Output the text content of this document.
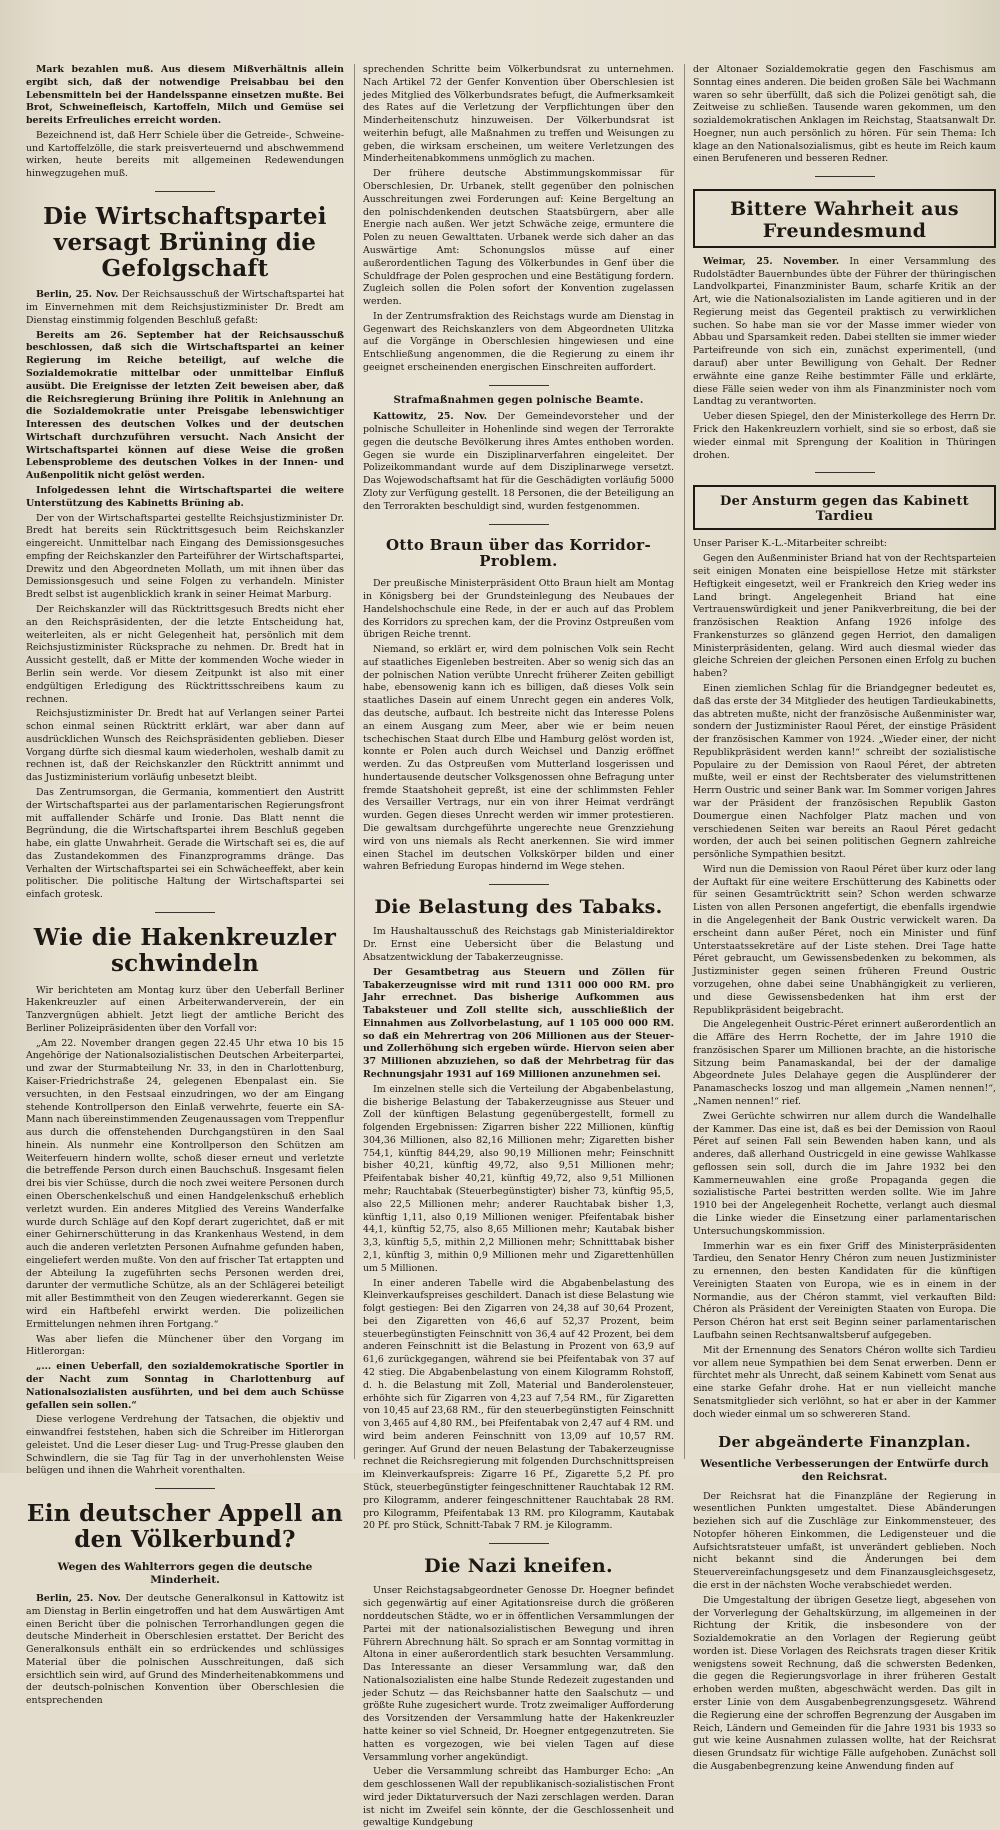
Mark bezahlen muß. Aus diesem Mißverhältnis allein ergibt sich, daß der notwendige Preisabbau bei den Lebensmitteln bei der Handelsspanne einsetzen mußte. Bei Brot, Schweinefleisch, Kartoffeln, Milch und Gemüse sei bereits Erfreuliches erreicht worden.

Bezeichnend ist, daß Herr Schiele über die Getreide-, Schweine- und Kartoffelzölle, die stark preisverteuernd und abschwemmend wirken, heute bereits mit allgemeinen Redewendungen hinwegzugehen muß.

Die Wirtschaftspartei versagt Brüning die Gefolgschaft

Berlin, 25. Nov. Der Reichsausschuß der Wirtschaftspartei hat im Einvernehmen mit dem Reichsjustizminister Dr. Bredt am Dienstag einstimmig folgenden Beschluß gefaßt:

Bereits am 26. September hat der Reichsausschuß beschlossen, daß sich die Wirtschaftspartei an keiner Regierung im Reiche beteiligt, auf welche die Sozialdemokratie mittelbar oder unmittelbar Einfluß ausübt. Die Ereignisse der letzten Zeit beweisen aber, daß die Reichsregierung Brüning ihre Politik in Anlehnung an die Sozialdemokratie unter Preisgabe lebenswichtiger Interessen des deutschen Volkes und der deutschen Wirtschaft durchzuführen versucht. Nach Ansicht der Wirtschaftspartei können auf diese Weise die großen Lebensprobleme des deutschen Volkes in der Innen- und Außenpolitik nicht gelöst werden.

Infolgedessen lehnt die Wirtschaftspartei die weitere Unterstützung des Kabinetts Brüning ab.

Der von der Wirtschaftspartei gestellte Reichsjustizminister Dr. Bredt hat bereits sein Rücktrittsgesuch beim Reichskanzler eingereicht. Unmittelbar nach Eingang des Demissionsgesuches empfing der Reichskanzler den Parteiführer der Wirtschaftspartei, Drewitz und den Abgeordneten Mollath, um mit ihnen über das Demissionsgesuch und seine Folgen zu verhandeln. Minister Bredt selbst ist augenblicklich krank in seiner Heimat Marburg.

Der Reichskanzler will das Rücktrittsgesuch Bredts nicht eher an den Reichspräsidenten, der die letzte Entscheidung hat, weiterleiten, als er nicht Gelegenheit hat, persönlich mit dem Reichsjustizminister Rücksprache zu nehmen. Dr. Bredt hat in Aussicht gestellt, daß er Mitte der kommenden Woche wieder in Berlin sein werde. Vor diesem Zeitpunkt ist also mit einer endgültigen Erledigung des Rücktrittsschreibens kaum zu rechnen.

Reichsjustizminister Dr. Bredt hat auf Verlangen seiner Partei schon einmal seinen Rücktritt erklärt, war aber dann auf ausdrücklichen Wunsch des Reichspräsidenten geblieben. Dieser Vorgang dürfte sich diesmal kaum wiederholen, weshalb damit zu rechnen ist, daß der Reichskanzler den Rücktritt annimmt und das Justizministerium vorläufig unbesetzt bleibt.

Das Zentrumsorgan, die Germania, kommentiert den Austritt der Wirtschaftspartei aus der parlamentarischen Regierungsfront mit auffallender Schärfe und Ironie. Das Blatt nennt die Begründung, die die Wirtschaftspartei ihrem Beschluß gegeben habe, ein glatte Unwahrheit. Gerade die Wirtschaft sei es, die auf das Zustandekommen des Finanzprogramms dränge. Das Verhalten der Wirtschaftspartei sei ein Schwächeeffekt, aber kein politischer. Die politische Haltung der Wirtschaftspartei sei einfach grotesk.

Wie die Hakenkreuzler schwindeln

Wir berichteten am Montag kurz über den Ueberfall Berliner Hakenkreuzler auf einen Arbeiterwanderverein, der ein Tanzvergnügen abhielt. Jetzt liegt der amtliche Bericht des Berliner Polizeipräsidenten über den Vorfall vor:

„Am 22. November drangen gegen 22.45 Uhr etwa 10 bis 15 Angehörige der Nationalsozialistischen Deutschen Arbeiterpartei, und zwar der Sturmabteilung Nr. 33, in den in Charlottenburg, Kaiser-Friedrichstraße 24, gelegenen Ebenpalast ein. Sie versuchten, in den Festsaal einzudringen, wo der am Eingang stehende Kontrollperson den Einlaß verwehrte, feuerte ein SA-Mann nach übereinstimmenden Zeugenaussagen vom Treppenflur aus durch die offenstehenden Durchgangstüren in den Saal hinein. Als nunmehr eine Kontrollperson den Schützen am Weiterfeuern hindern wollte, schoß dieser erneut und verletzte die betreffende Person durch einen Bauchschuß. Insgesamt fielen drei bis vier Schüsse, durch die noch zwei weitere Personen durch einen Oberschenkelschuß und einen Handgelenkschuß erheblich verletzt wurden. Ein anderes Mitglied des Vereins Wanderfalke wurde durch Schläge auf den Kopf derart zugerichtet, daß er mit einer Gehirnerschütterung in das Krankenhaus Westend, in dem auch die anderen verletzten Personen Aufnahme gefunden haben, eingeliefert werden mußte. Von den auf frischer Tat ertappten und der Abteilung Ia zugeführten sechs Personen werden drei, darunter der vermutliche Schütze, als an der Schlägerei beteiligt mit aller Bestimmtheit von den Zeugen wiedererkannt. Gegen sie wird ein Haftbefehl erwirkt werden. Die polizeilichen Ermittelungen nehmen ihren Fortgang.“

Was aber liefen die Münchener über den Vorgang im Hitlerorgan:

„... einen Ueberfall, den sozialdemokratische Sportler in der Nacht zum Sonntag in Charlottenburg auf Nationalsozialisten ausführten, und bei dem auch Schüsse gefallen sein sollen.“

Diese verlogene Verdrehung der Tatsachen, die objektiv und einwandfrei feststehen, haben sich die Schreiber im Hitlerorgan geleistet. Und die Leser dieser Lug- und Trug-Presse glauben den Schwindlern, die sie Tag für Tag in der unverhohlensten Weise belügen und ihnen die Wahrheit vorenthalten.

Ein deutscher Appell an den Völkerbund?
Wegen des Wahlterrors gegen die deutsche Minderheit.

Berlin, 25. Nov. Der deutsche Generalkonsul in Kattowitz ist am Dienstag in Berlin eingetroffen und hat dem Auswärtigen Amt einen Bericht über die polnischen Terrorhandlungen gegen die deutsche Minderheit in Oberschlesien erstattet. Der Bericht des Generalkonsuls enthält ein so erdrückendes und schlüssiges Material über die polnischen Ausschreitungen, daß sich ersichtlich sein wird, auf Grund des Minderheitenabkommens und der deutsch-polnischen Konvention über Oberschlesien die entsprechenden

sprechenden Schritte beim Völkerbundsrat zu unternehmen. Nach Artikel 72 der Genfer Konvention über Oberschlesien ist jedes Mitglied des Völkerbundsrates befugt, die Aufmerksamkeit des Rates auf die Verletzung der Verpflichtungen über den Minderheitenschutz hinzuweisen. Der Völkerbundsrat ist weiterhin befugt, alle Maßnahmen zu treffen und Weisungen zu geben, die wirksam erscheinen, um weitere Verletzungen des Minderheitenabkommens unmöglich zu machen.

Der frühere deutsche Abstimmungskommissar für Oberschlesien, Dr. Urbanek, stellt gegenüber den polnischen Ausschreitungen zwei Forderungen auf: Keine Bergeltung an den polnischdenkenden deutschen Staatsbürgern, aber alle Energie nach außen. Wer jetzt Schwäche zeige, ermuntere die Polen zu neuen Gewalttaten. Urbanek werde sich daher an das Auswärtige Amt: Schonungslos müsse auf einer außerordentlichen Tagung des Völkerbundes in Genf über die Schuldfrage der Polen gesprochen und eine Bestätigung fordern. Zugleich sollen die Polen sofort der Konvention zugelassen werden.

In der Zentrumsfraktion des Reichstags wurde am Dienstag in Gegenwart des Reichskanzlers von dem Abgeordneten Ulitzka auf die Vorgänge in Oberschlesien hingewiesen und eine Entschließung angenommen, die die Regierung zu einem ihr geeignet erscheinenden energischen Einschreiten auffordert.

Strafmaßnahmen gegen polnische Beamte.

Kattowitz, 25. Nov. Der Gemeindevorsteher und der polnische Schulleiter in Hohenlinde sind wegen der Terrorakte gegen die deutsche Bevölkerung ihres Amtes enthoben worden. Gegen sie wurde ein Disziplinarverfahren eingeleitet. Der Polizeikommandant wurde auf dem Disziplinarwege versetzt. Das Wojewodschaftsamt hat für die Geschädigten vorläufig 5000 Zloty zur Verfügung gestellt. 18 Personen, die der Beteiligung an den Terrorakten beschuldigt sind, wurden festgenommen.

Otto Braun über das Korridor-Problem.

Der preußische Ministerpräsident Otto Braun hielt am Montag in Königsberg bei der Grundsteinlegung des Neubaues der Handelshochschule eine Rede, in der er auch auf das Problem des Korridors zu sprechen kam, der die Provinz Ostpreußen vom übrigen Reiche trennt.

Niemand, so erklärt er, wird dem polnischen Volk sein Recht auf staatliches Eigenleben bestreiten. Aber so wenig sich das an der polnischen Nation verübte Unrecht früherer Zeiten gebilligt habe, ebensowenig kann ich es billigen, daß dieses Volk sein staatliches Dasein auf einem Unrecht gegen ein anderes Volk, das deutsche, aufbaut. Ich bestreite nicht das Interesse Polens an einem Ausgang zum Meer, aber wie er beim neuen tschechischen Staat durch Elbe und Hamburg gelöst worden ist, konnte er Polen auch durch Weichsel und Danzig eröffnet werden. Zu das Ostpreußen vom Mutterland losgerissen und hundertausende deutscher Volksgenossen ohne Befragung unter fremde Staatshoheit gepreßt, ist eine der schlimmsten Fehler des Versailler Vertrags, nur ein von ihrer Heimat verdrängt wurden. Gegen dieses Unrecht werden wir immer protestieren. Die gewaltsam durchgeführte ungerechte neue Grenzziehung wird von uns niemals als Recht anerkennen. Sie wird immer einen Stachel im deutschen Volkskörper bilden und einer wahren Befriedung Europas hindernd im Wege stehen.

Die Belastung des Tabaks.

Im Haushaltausschuß des Reichstags gab Ministerialdirektor Dr. Ernst eine Uebersicht über die Belastung und Absatzentwicklung der Tabakerzeugnisse.

Der Gesamtbetrag aus Steuern und Zöllen für Tabakerzeugnisse wird mit rund 1311 000 000 RM. pro Jahr errechnet. Das bisherige Aufkommen aus Tabaksteuer und Zoll stellte sich, ausschließlich der Einnahmen aus Zollvorbelastung, auf 1 105 000 000 RM. so daß ein Mehrertrag von 206 Millionen aus der Steuer- und Zollerhöhung sich ergeben würde. Hiervon seien aber 37 Millionen abzuziehen, so daß der Mehrbetrag für das Rechnungsjahr 1931 auf 169 Millionen anzunehmen sei.

Im einzelnen stelle sich die Verteilung der Abgabenbelastung, die bisherige Belastung der Tabakerzeugnisse aus Steuer und Zoll der künftigen Belastung gegenübergestellt, formell zu folgenden Ergebnissen: Zigarren bisher 222 Millionen, künftig 304,36 Millionen, also 82,16 Millionen mehr; Zigaretten bisher 754,1, künftig 844,29, also 90,19 Millionen mehr; Feinschnitt bisher 40,21, künftig 49,72, also 9,51 Millionen mehr; Pfeifentabak bisher 40,21, künftig 49,72, also 9,51 Millionen mehr; Rauchtabak (Steuerbegünstigter) bisher 73, künftig 95,5, also 22,5 Millionen mehr; anderer Rauchtabak bisher 1,3, künftig 1,11, also 0,19 Millionen weniger. Pfeifentabak bisher 44,1, künftig 52,75, also 8,65 Millionen mehr; Kautabak bisher 3,3, künftig 5,5, mithin 2,2 Millionen mehr; Schnitttabak bisher 2,1, künftig 3, mithin 0,9 Millionen mehr und Zigarettenhüllen um 5 Millionen.

In einer anderen Tabelle wird die Abgabenbelastung des Kleinverkaufspreises geschildert. Danach ist diese Belastung wie folgt gestiegen: Bei den Zigarren von 24,38 auf 30,64 Prozent, bei den Zigaretten von 46,6 auf 52,37 Prozent, beim steuerbegünstigten Feinschnitt von 36,4 auf 42 Prozent, bei dem anderen Feinschnitt ist die Belastung in Prozent von 63,9 auf 61,6 zurückgegangen, während sie bei Pfeifentabak von 37 auf 42 stieg. Die Abgabenbelastung von einem Kilogramm Rohstoff, d. h. die Belastung mit Zoll, Material und Banderolensteuer, erhöhte sich für Zigarren von 4,23 auf 7,54 RM., für Zigaretten von 10,45 auf 23,68 RM., für den steuerbegünstigten Feinschnitt von 3,465 auf 4,80 RM., bei Pfeifentabak von 2,47 auf 4 RM. und wird beim anderen Feinschnitt von 13,09 auf 10,57 RM. geringer. Auf Grund der neuen Belastung der Tabakerzeugnisse rechnet die Reichsregierung mit folgenden Durchschnittspreisen im Kleinverkaufspreis: Zigarre 16 Pf., Zigarette 5,2 Pf. pro Stück, steuerbegünstigter feingeschnittener Rauchtabak 12 RM. pro Kilogramm, anderer feingeschnittener Rauchtabak 28 RM. pro Kilogramm, Pfeifentabak 13 RM. pro Kilogramm, Kautabak 20 Pf. pro Stück, Schnitt-Tabak 7 RM. je Kilogramm.

Die Nazi kneifen.

Unser Reichstagsabgeordneter Genosse Dr. Hoegner befindet sich gegenwärtig auf einer Agitationsreise durch die größeren norddeutschen Städte, wo er in öffentlichen Versammlungen der Partei mit der nationalsozialistischen Bewegung und ihren Führern Abrechnung hält. So sprach er am Sonntag vormittag in Altona in einer außerordentlich stark besuchten Versammlung. Das Interessante an dieser Versammlung war, daß den Nationalsozialisten eine halbe Stunde Redezeit zugestanden und jeder Schutz — das Reichsbanner hatte den Saalschutz — und größte Ruhe zugesichert wurde. Trotz zweimaliger Aufforderung des Vorsitzenden der Versammlung hatte der Hakenkreuzler hatte keiner so viel Schneid, Dr. Hoegner entgegenzutreten. Sie hatten es vorgezogen, wie bei vielen Tagen auf diese Versammlung vorher angekündigt.

Ueber die Versammlung schreibt das Hamburger Echo: „An dem geschlossenen Wall der republikanisch-sozialistischen Front wird jeder Diktaturversuch der Nazi zerschlagen werden. Daran ist nicht im Zweifel sein könnte, der die Geschlossenheit und gewaltige Kundgebung

der Altonaer Sozialdemokratie gegen den Faschismus am Sonntag eines anderen. Die beiden großen Säle bei Wachmann waren so sehr überfüllt, daß sich die Polizei genötigt sah, die Zeitweise zu schließen. Tausende waren gekommen, um den sozialdemokratischen Anklagen im Reichstag, Staatsanwalt Dr. Hoegner, nun auch persönlich zu hören. Für sein Thema: Ich klage an den Nationalsozialismus, gibt es heute im Reich kaum einen Berufeneren und besseren Redner.

Bittere Wahrheit aus Freundesmund

Weimar, 25. November. In einer Versammlung des Rudolstädter Bauernbundes übte der Führer der thüringischen Landvolkpartei, Finanzminister Baum, scharfe Kritik an der Art, wie die Nationalsozialisten im Lande agitieren und in der Regierung meist das Gegenteil praktisch zu verwirklichen suchen. So habe man sie vor der Masse immer wieder von Abbau und Sparsamkeit reden. Dabei stellten sie immer wieder Parteifreunde von sich ein, zunächst experimentell, (und darauf) aber unter Bewilligung von Gehalt. Der Redner erwähnte eine ganze Reihe bestimmter Fälle und erklärte, diese Fälle seien weder von ihm als Finanzminister noch vom Landtag zu verantworten.

Ueber diesen Spiegel, den der Ministerkollege des Herrn Dr. Frick den Hakenkreuzlern vorhielt, sind sie so erbost, daß sie wieder einmal mit Sprengung der Koalition in Thüringen drohen.

Der Ansturm gegen das Kabinett Tardieu

Unser Pariser K.-L.-Mitarbeiter schreibt:

Gegen den Außenminister Briand hat von der Rechtsparteien seit einigen Monaten eine beispiellose Hetze mit stärkster Heftigkeit eingesetzt, weil er Frankreich den Krieg weder ins Land bringt. Angelegenheit Briand hat eine Vertrauenswürdigkeit und jener Panikverbreitung, die bei der französischen Reaktion Anfang 1926 infolge des Frankensturzes so glänzend gegen Herriot, den damaligen Ministerpräsidenten, gelang. Wird auch diesmal wieder das gleiche Schreien der gleichen Personen einen Erfolg zu buchen haben?

Einen ziemlichen Schlag für die Briandgegner bedeutet es, daß das erste der 34 Mitglieder des heutigen Tardieukabinetts, das abtreten mußte, nicht der französische Außenminister war, sondern der Justizminister Raoul Péret, der einstige Präsident der französischen Kammer von 1924. „Wieder einer, der nicht Republikpräsident werden kann!“ schreibt der sozialistische Populaire zu der Demission von Raoul Péret, der abtreten mußte, weil er einst der Rechtsberater des vielumstrittenen Herrn Oustric und seiner Bank war. Im Sommer vorigen Jahres war der Präsident der französischen Republik Gaston Doumergue einen Nachfolger Platz machen und von verschiedenen Seiten war bereits an Raoul Péret gedacht worden, der auch bei seinen politischen Gegnern zahlreiche persönliche Sympathien besitzt.

Wird nun die Demission von Raoul Péret über kurz oder lang der Auftakt für eine weitere Erschütterung des Kabinetts oder für seinen Gesamtrücktritt sein? Schon werden schwarze Listen von allen Personen angefertigt, die ebenfalls irgendwie in die Angelegenheit der Bank Oustric verwickelt waren. Da erscheint dann außer Péret, noch ein Minister und fünf Unterstaatssekretäre auf der Liste stehen. Drei Tage hatte Péret gebraucht, um Gewissensbedenken zu bekommen, als Justizminister gegen seinen früheren Freund Oustric vorzugehen, ohne dabei seine Unabhängigkeit zu verlieren, und diese Gewissensbedenken hat ihm erst der Republikpräsident beigebracht.

Die Angelegenheit Oustric-Péret erinnert außerordentlich an die Affäre des Herrn Rochette, der im Jahre 1910 die französischen Sparer um Millionen brachte, an die historische Sitzung beim Panamaskandal, bei der der damalige Abgeordnete Jules Delahaye gegen die Ausplünderer der Panamaschecks loszog und man allgemein „Namen nennen!“, „Namen nennen!“ rief.

Zwei Gerüchte schwirren nur allem durch die Wandelhalle der Kammer. Das eine ist, daß es bei der Demission von Raoul Péret auf seinen Fall sein Bewenden haben kann, und als anderes, daß allerhand Oustricgeld in eine gewisse Wahlkasse geflossen sein soll, durch die im Jahre 1932 bei den Kammerneuwahlen eine große Propaganda gegen die sozialistische Partei bestritten werden sollte. Wie im Jahre 1910 bei der Angelegenheit Rochette, verlangt auch diesmal die Linke wieder die Einsetzung einer parlamentarischen Untersuchungskommission.

Immerhin war es ein fixer Griff des Ministerpräsidenten Tardieu, den Senator Henry Chéron zum neuen Justizminister zu ernennen, den besten Kandidaten für die künftigen Vereinigten Staaten von Europa, wie es in einem in der Normandie, aus der Chéron stammt, viel verkauften Bild: Chéron als Präsident der Vereinigten Staaten von Europa. Die Person Chéron hat erst seit Beginn seiner parlamentarischen Laufbahn seinen Rechtsanwaltsberuf aufgegeben.

Mit der Ernennung des Senators Chéron wollte sich Tardieu vor allem neue Sympathien bei dem Senat erwerben. Denn er fürchtet mehr als Unrecht, daß seinem Kabinett vom Senat aus eine starke Gefahr drohe. Hat er nun vielleicht manche Senatsmitglieder sich verlöhnt, so hat er aber in der Kammer doch wieder einmal um so schwereren Stand.

Der abgeänderte Finanzplan.
Wesentliche Verbesserungen der Entwürfe durch den Reichsrat.

Der Reichsrat hat die Finanzpläne der Regierung in wesentlichen Punkten umgestaltet. Diese Abänderungen beziehen sich auf die Zuschläge zur Einkommensteuer, des Notopfer höheren Einkommen, die Ledigensteuer und die Aufsichtsratsteuer umfaßt, ist unverändert geblieben. Noch nicht bekannt sind die Änderungen bei dem Steuervereinfachungsgesetz und dem Finanzausgleichsgesetz, die erst in der nächsten Woche verabschiedet werden.

Die Umgestaltung der übrigen Gesetze liegt, abgesehen von der Vorverlegung der Gehaltskürzung, im allgemeinen in der Richtung der Kritik, die insbesondere von der Sozialdemokratie an den Vorlagen der Regierung geübt worden ist. Diese Vorlagen des Reichsrats tragen dieser Kritik wenigstens soweit Rechnung, daß die schwersten Bedenken, die gegen die Regierungsvorlage in ihrer früheren Gestalt erhoben werden mußten, abgeschwächt werden. Das gilt in erster Linie von dem Ausgabenbegrenzungsgesetz. Während die Regierung eine der schroffen Begrenzung der Ausgaben im Reich, Ländern und Gemeinden für die Jahre 1931 bis 1933 so gut wie keine Ausnahmen zulassen wollte, hat der Reichsrat diesen Grundsatz für wichtige Fälle aufgehoben. Zunächst soll die Ausgabenbegrenzung keine Anwendung finden auf
